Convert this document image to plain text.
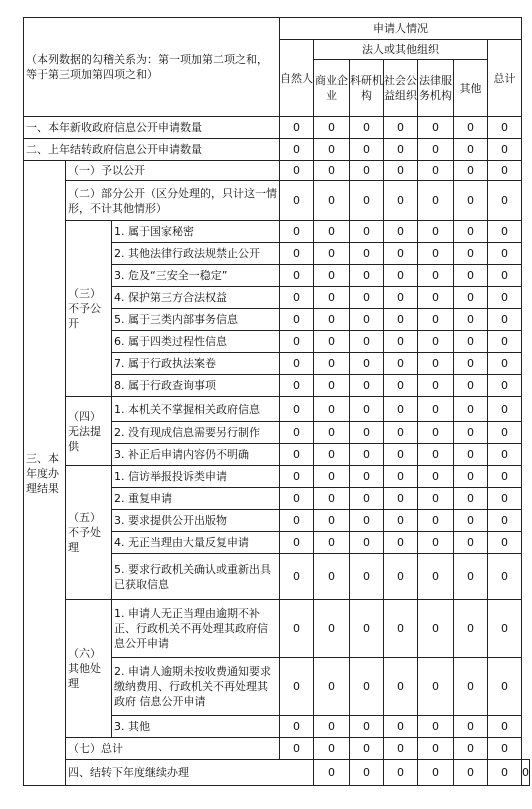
（本列数据的勾稽关系为：第一项加第二项之和，等于第三项加第四项之和）			申请人情况							
			自然人	法人或其他组织					总计	
				商业企业	科研机构	社会公益组织	法律服务机构	其他		
一、本年新收政府信息公开申请数量			0	0	0	0	0	0	0	
二、上年结转政府信息公开申请数量			0	0	0	0	0	0	0	
三、本年度办理结果	（一）予以公开		0	0	0	0	0	0	0	
	（二）部分公开（区分处理的，只计这一情形，不计其他情形）		0	0	0	0	0	0	0	
	（三）不予公开	1. 属于国家秘密	0	0	0	0	0	0	0	
		2. 其他法律行政法规禁止公开	0	0	0	0	0	0	0	
		3. 危及“三安全一稳定”	0	0	0	0	0	0	0	
		4. 保护第三方合法权益	0	0	0	0	0	0	0	
		5. 属于三类内部事务信息	0	0	0	0	0	0	0	
		6. 属于四类过程性信息	0	0	0	0	0	0	0	
		7. 属于行政执法案卷	0	0	0	0	0	0	0	
		8. 属于行政查询事项	0	0	0	0	0	0	0	
	（四）无法提供	1. 本机关不掌握相关政府信息	0	0	0	0	0	0	0	
		2. 没有现成信息需要另行制作	0	0	0	0	0	0	0	
		3. 补正后申请内容仍不明确	0	0	0	0	0	0	0	
	（五）不予处理	1. 信访举报投诉类申请	0	0	0	0	0	0	0	
		2. 重复申请	0	0	0	0	0	0	0	
		3. 要求提供公开出版物	0	0	0	0	0	0	0	
		4. 无正当理由大量反复申请	0	0	0	0	0	0	0	
		5. 要求行政机关确认或重新出具已获取信息	0	0	0	0	0	0	0	
	（六）其他处理	1. 申请人无正当理由逾期不补正、行政机关不再处理其政府信息公开申请	0	0	0	0	0	0	0	
		2. 申请人逾期未按收费通知要求缴纳费用、行政机关不再处理其政府 信息公开申请	0	0	0	0	0	0	0	
		3. 其他	0	0	0	0	0	0	0	
	（七）总计		0	0	0	0	0	0	0	
	四、结转下年度继续办理			0	0	0	0	0	0	0
